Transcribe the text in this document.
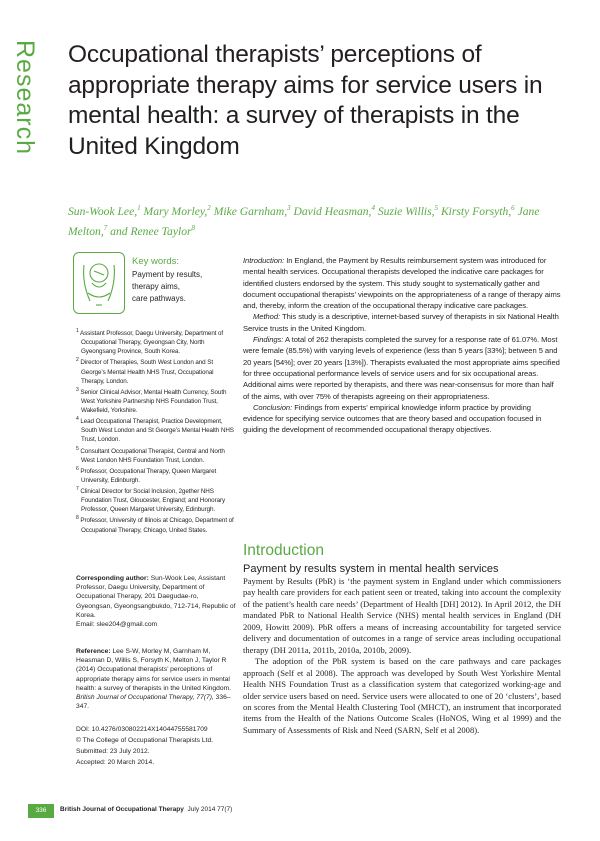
Research Occupational therapists’ perceptions of appropriate therapy aims for service users in mental health: a survey of therapists in the United Kingdom
Sun-Wook Lee,$^1$ Mary Morley,$^2$ Mike Garnham,$^3$ David Heasman,$^4$ Suzie Willis,$^5$ Kirsty Forsyth,$^6$ Jane Melton,$^7$ and Renee Taylor$^8$
Key words:
Payment by results,
therapy aims,
care pathways.
$^1$ Assistant Professor, Daegu University, Department of Occupational Therapy, Gyeongsan City, North Gyeongsang Province, South Korea.
$^2$ Director of Therapies, South West London and St George’s Mental Health NHS Trust, Occupational Therapy, London.
$^3$ Senior Clinical Advisor, Mental Health Currency, South West Yorkshire Partnership NHS Foundation Trust, Wakefield, Yorkshire.
$^4$ Lead Occupational Therapist, Practice Development, South West London and St George’s Mental Health NHS Trust, London.
$^5$ Consultant Occupational Therapist, Central and North West London NHS Foundation Trust, London.
$^6$ Professor, Occupational Therapy, Queen Margaret University, Edinburgh.
$^7$ Clinical Director for Social Inclusion, 2gether NHS Foundation Trust, Gloucester, England; and Honorary Professor, Queen Margaret University, Edinburgh.
$^8$ Professor, University of Illinois at Chicago, Department of Occupational Therapy, Chicago, United States.
Corresponding author: Sun-Wook Lee, Assistant Professor, Daegu University, Department of Occupational Therapy, 201 Daegudae-ro, Gyeongsan, Gyeongsangbukdo, 712-714, Republic of Korea.
Email: slee204@gmail.com
Reference: Lee S-W, Morley M, Garnham M, Heasman D, Willis S, Forsyth K, Melton J, Taylor R (2014) Occupational therapists’ perceptions of appropriate therapy aims for service users in mental health: a survey of therapists in the United Kingdom. British Journal of Occupational Therapy, 77(7), 336–347.
DOI: 10.4276/030802214X14044755581709
© The College of Occupational Therapists Ltd.
Submitted: 23 July 2012.
Accepted: 20 March 2014.

Introduction: In England, the Payment by Results reimbursement system was introduced for mental health services. Occupational therapists developed the indicative care packages for identified clusters endorsed by the system. This study sought to systematically gather and document occupational therapists’ viewpoints on the appropriateness of a range of therapy aims and, thereby, inform the creation of the occupational therapy indicative care packages.

Method: This study is a descriptive, internet-based survey of therapists in six National Health Service trusts in the United Kingdom.

Findings: A total of 262 therapists completed the survey for a response rate of 61.07%. Most were female (85.5%) with varying levels of experience (less than 5 years [33%]; between 5 and 20 years [54%]; over 20 years [13%]). Therapists evaluated the most appropriate aims specified for three occupational performance levels of service users and for six occupational areas. Additional aims were reported by therapists, and there was near-consensus for more than half of the aims, with over 75% of therapists agreeing on their appropriateness.

Conclusion: Findings from experts’ empirical knowledge inform practice by providing evidence for specifying service outcomes that are theory based and occupation focused in guiding the development of recommended occupational therapy objectives.

Introduction
Payment by results system in mental health services

Payment by Results (PbR) is ‘the payment system in England under which commissioners pay health care providers for each patient seen or treated, taking into account the complexity of the patient’s health care needs’ (Department of Health [DH] 2012). In April 2012, the DH mandated PbR to National Health Service (NHS) mental health services in England (DH 2009, Howitt 2009). PbR offers a means of increasing accountability for targeted service delivery and documentation of outcomes in a range of service areas including occupational therapy (DH 2011a, 2011b, 2010a, 2010b, 2009).

The adoption of the PbR system is based on the care pathways and care packages approach (Self et al 2008). The approach was developed by South West Yorkshire Mental Health NHS Foundation Trust as a classification system that categorized working-age and older service users based on need. Service users were allocated to one of 20 ‘clusters’, based on scores from the Mental Health Clustering Tool (MHCT), an instrument that incorporated items from the Health of the Nations Outcome Scales (HoNOS, Wing et al 1999) and the Summary of Assessments of Risk and Need (SARN, Self et al 2008).

336	British Journal of Occupational Therapy July 2014 77(7)
